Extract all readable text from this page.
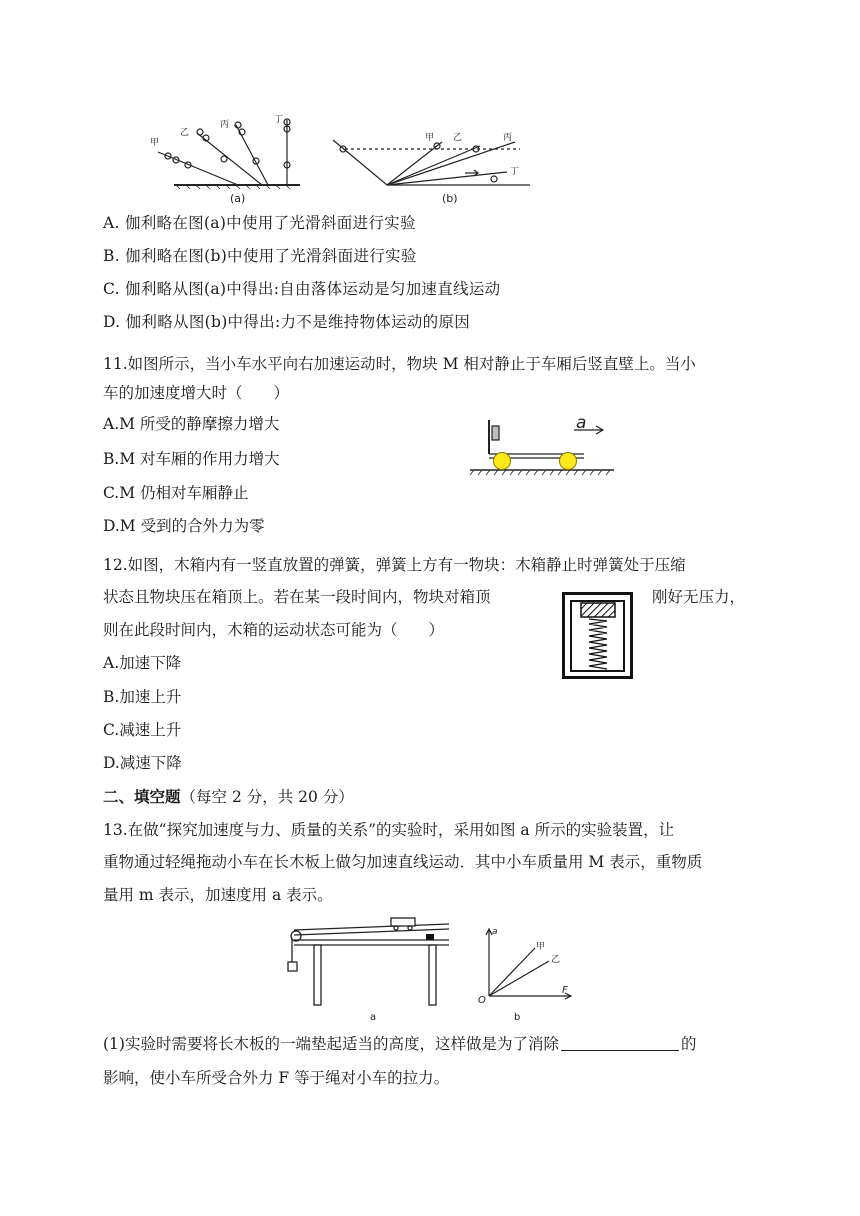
甲
乙
丙	丁
(a)
甲 乙	丙
丁
(b)
A. 伽利略在图(a)中使用了光滑斜面进行实验
B. 伽利略在图(b)中使用了光滑斜面进行实验
C. 伽利略从图(a)中得出:自由落体运动是匀加速直线运动
D. 伽利略从图(b)中得出:力不是维持物体运动的原因
11.如图所示，当小车水平向右加速运动时，物块 M 相对静止于车厢后竖直壁上。当小
车的加速度增大时（　　）
A.M 所受的静摩擦力增大
B.M 对车厢的作用力增大
C.M 仍相对车厢静止
D.M 受到的合外力为零
a
12.如图，木箱内有一竖直放置的弹簧，弹簧上方有一物块：木箱静止时弹簧处于压缩
状态且物块压在箱顶上。若在某一段时间内，物块对箱顶	刚好无压力，
则在此段时间内，木箱的运动状态可能为（　　）
A.加速下降
B.加速上升
C.减速上升
D.减速下降
二、填空题（每空 2 分，共 20 分）
13.在做“探究加速度与力、质量的关系”的实验时，采用如图 a 所示的实验装置，让
重物通过轻绳拖动小车在长木板上做匀加速直线运动．其中小车质量用 M 表示，重物质
量用 m 表示，加速度用 a 表示。
a
a
F
O
甲
乙
b
(1)实验时需要将长木板的一端垫起适当的高度，这样做是为了消除	的
影响，使小车所受合外力 F 等于绳对小车的拉力。
